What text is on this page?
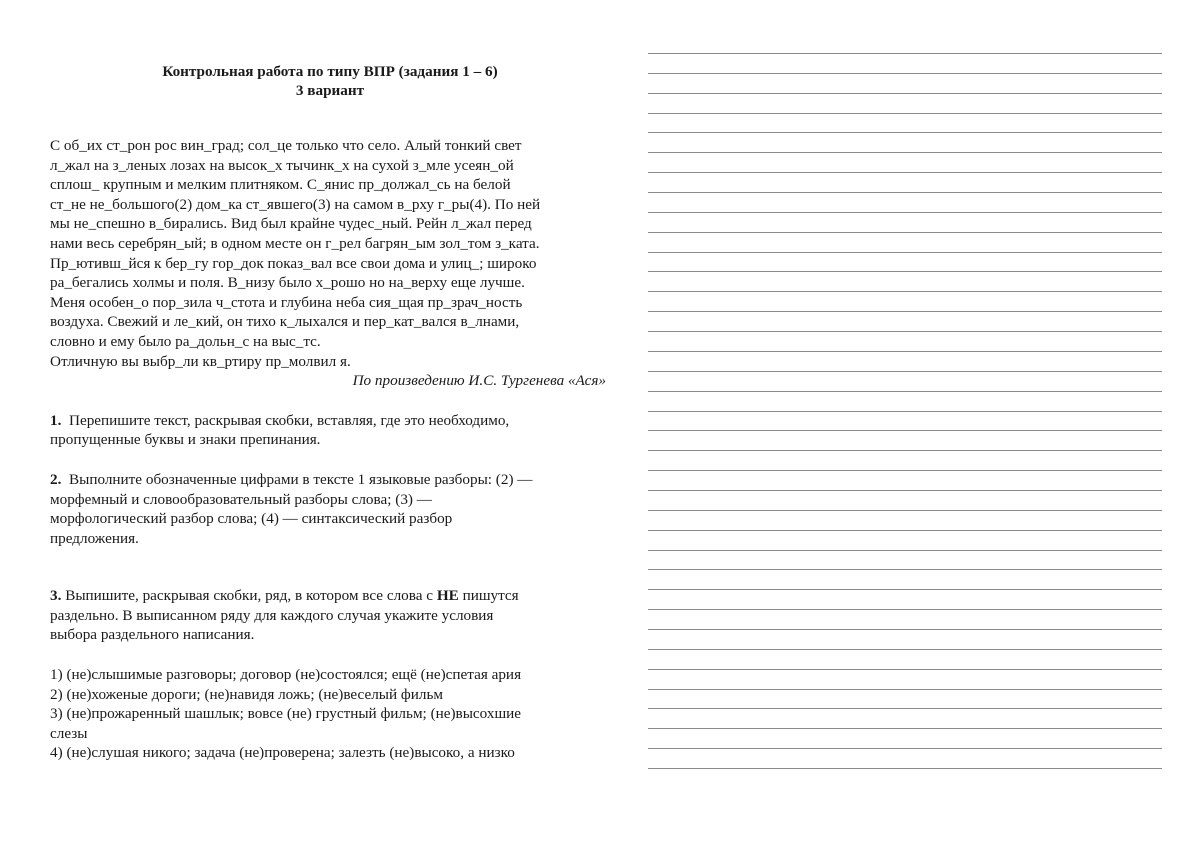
Контрольная работа по типу ВПР (задания 1 – 6)
3 вариант
С об_их ст_рон рос вин_град; сол_це только что село. Алый тонкий свет
л_жал на з_леных лозах на высок_х тычинк_х на сухой з_мле усеян_ой
сплош_ крупным и мелким плитняком. С_янис пр_должал_сь на белой
ст_не не_большого(2) дом_ка ст_явшего(3) на самом в_рху г_ры(4). По ней
мы не_спешно в_бирались. Вид был крайне чудес_ный. Рейн л_жал перед
нами весь серебрян_ый; в одном месте он г_рел багрян_ым зол_том з_ката.
Пр_ютивш_йся к бер_гу гор_док показ_вал все свои дома и улиц_; широко
ра_бегались холмы и поля. В_низу было х_рошо но на_верху еще лучше.
Меня особен_о пор_зила ч_стота и глубина неба сия_щая пр_зрач_ность
воздуха. Свежий и ле_кий, он тихо к_лыхался и пер_кат_вался в_лнами,
словно и ему было ра_дольн_с на выс_тс.
Отличную вы выбр_ли кв_ртиру пр_молвил я.
По произведению И.С. Тургенева «Ася»
1. Перепишите текст, раскрывая скобки, вставляя, где это необходимо,
пропущенные буквы и знаки препинания.
2. Выполните обозначенные цифрами в тексте 1 языковые разборы: (2) —
морфемный и словообразовательный разборы слова; (3) —
морфологический разбор слова; (4) — синтаксический разбор
предложения.
3. Выпишите, раскрывая скобки, ряд, в котором все слова с НЕ пишутся
раздельно. В выписанном ряду для каждого случая укажите условия
выбора раздельного написания.
1) (не)слышимые разговоры; договор (не)состоялся; ещё (не)спетая ария
2) (не)хоженые дороги; (не)навидя ложь; (не)веселый фильм
3) (не)прожаренный шашлык; вовсе (не) грустный фильм; (не)высохшие
слезы
4) (не)слушая никого; задача (не)проверена; залезть (не)высоко, а низко
